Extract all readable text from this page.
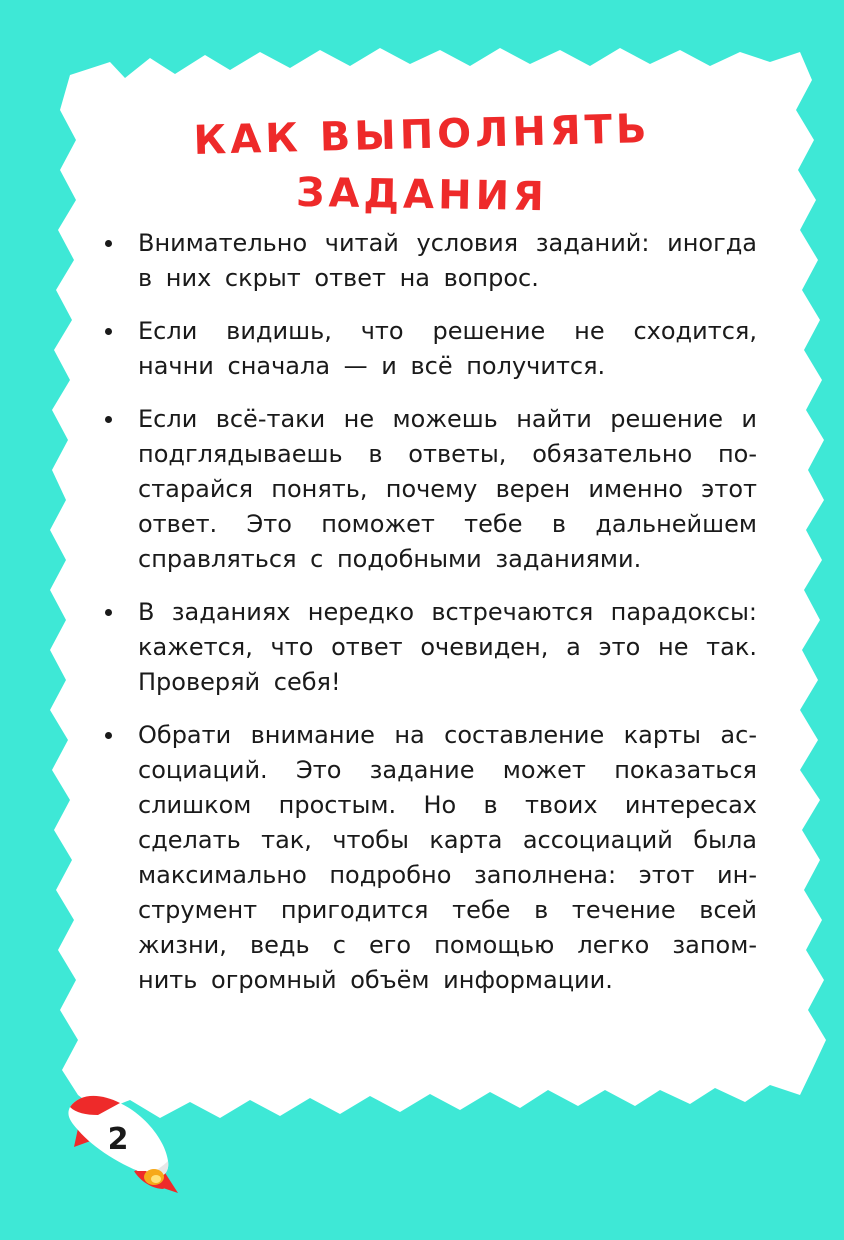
КАК ВЫПОЛНЯТЬ
ЗАДАНИЯ
Внимательно читай условия заданий: иногда в них скрыт ответ на вопрос.
Если видишь, что решение не сходится, начни сначала — и всё получится.
Если всё-таки не можешь найти решение и подглядываешь в ответы, обязательно по-старайся понять, почему верен именно этот ответ. Это поможет тебе в дальнейшем справляться с подобными заданиями.
В заданиях нередко встречаются парадоксы: кажется, что ответ очевиден, а это не так. Проверяй себя!
Обрати внимание на составление карты ас-социаций. Это задание может показаться слишком простым. Но в твоих интересах сделать так, чтобы карта ассоциаций была максимально подробно заполнена: этот ин-струмент пригодится тебе в течение всей жизни, ведь с его помощью легко запом-нить огромный объём информации.
2
